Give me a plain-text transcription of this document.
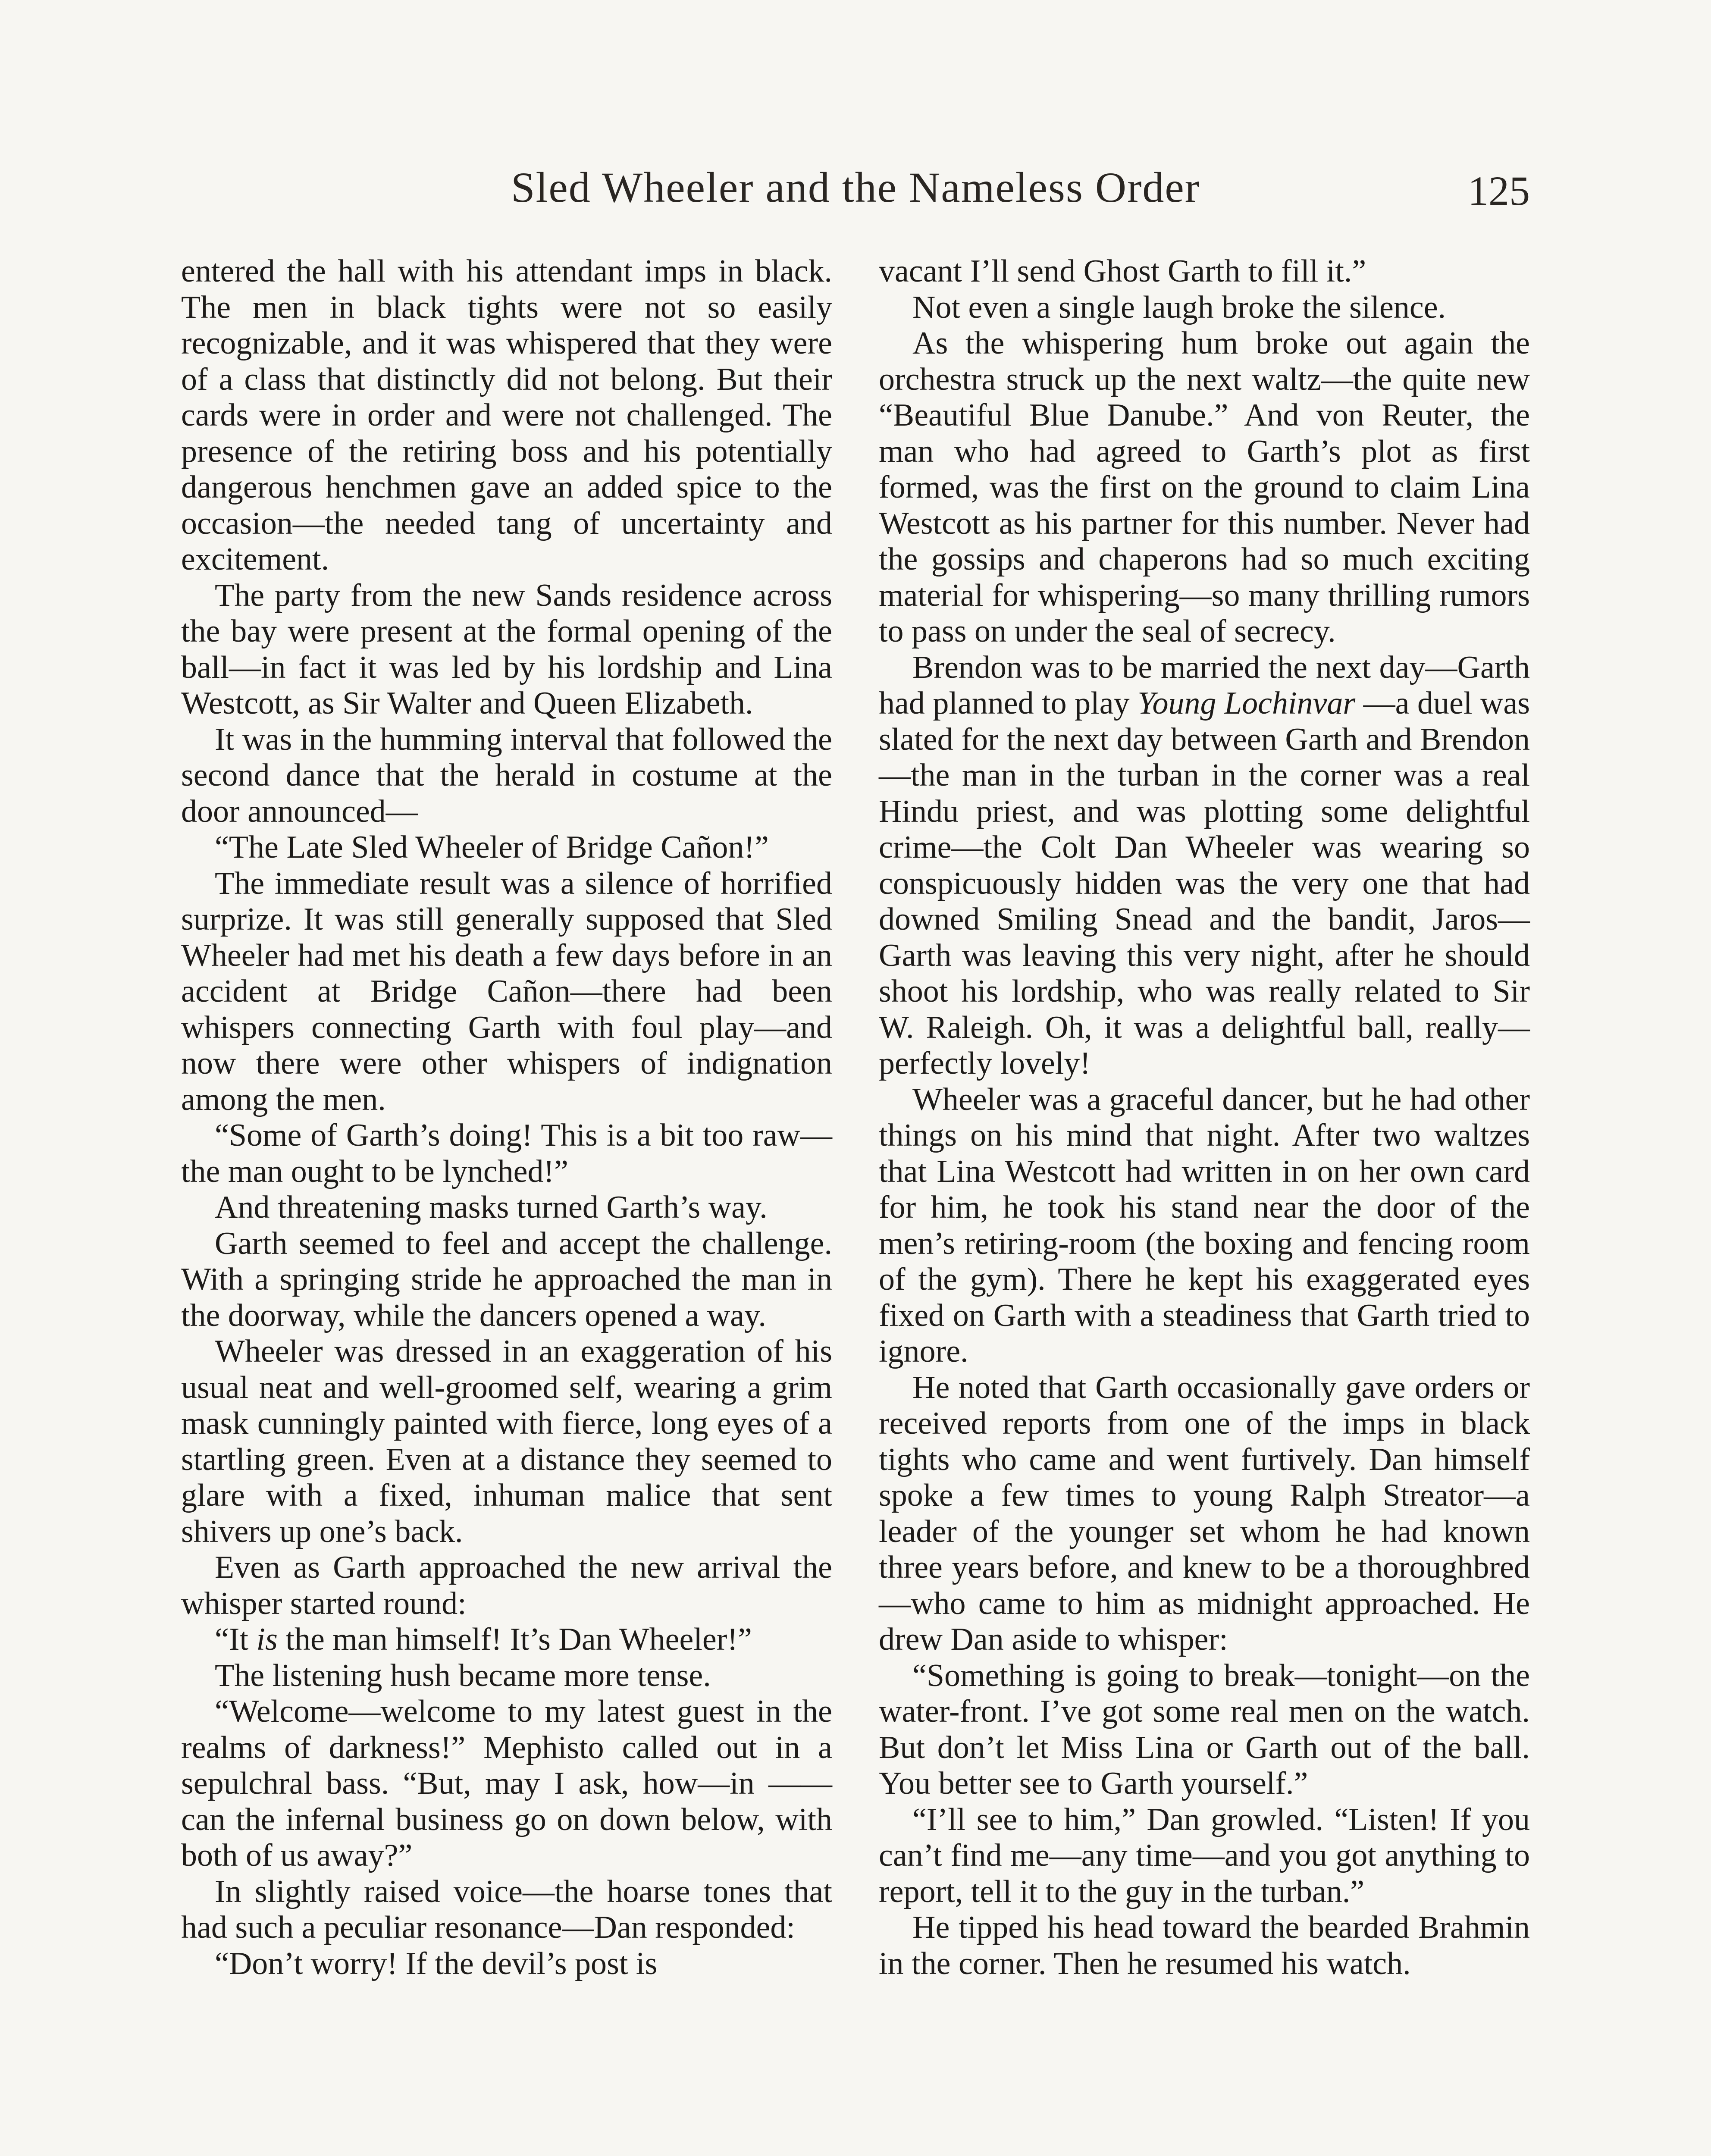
Sled Wheeler and the Nameless Order	125

entered the hall with his attendant imps in black. The men in black tights were not so easily recognizable, and it was whispered that they were of a class that distinctly did not belong. But their cards were in order and were not challenged. The presence of the retiring boss and his potentially dangerous henchmen gave an added spice to the occasion—the needed tang of uncertainty and excitement.

The party from the new Sands residence across the bay were present at the formal opening of the ball—in fact it was led by his lordship and Lina Westcott, as Sir Walter and Queen Elizabeth.

It was in the humming interval that followed the second dance that the herald in costume at the door announced—

“The Late Sled Wheeler of Bridge Cañon!”

The immediate result was a silence of horrified surprize. It was still generally supposed that Sled Wheeler had met his death a few days before in an accident at Bridge Cañon—there had been whispers connecting Garth with foul play—and now there were other whispers of indignation among the men.

“Some of Garth’s doing! This is a bit too raw—the man ought to be lynched!”

And threatening masks turned Garth’s way.

Garth seemed to feel and accept the challenge. With a springing stride he approached the man in the doorway, while the dancers opened a way.

Wheeler was dressed in an exaggeration of his usual neat and well-groomed self, wearing a grim mask cunningly painted with fierce, long eyes of a startling green. Even at a distance they seemed to glare with a fixed, inhuman malice that sent shivers up one’s back.

Even as Garth approached the new arrival the whisper started round:

“It is the man himself! It’s Dan Wheeler!”

The listening hush became more tense.

“Welcome—welcome to my latest guest in the realms of darkness!” Mephisto called out in a sepulchral bass. “But, may I ask, how—in —— can the infernal business go on down below, with both of us away?”

In slightly raised voice—the hoarse tones that had such a peculiar resonance—Dan responded:

“Don’t worry! If the devil’s post is

vacant I’ll send Ghost Garth to fill it.”

Not even a single laugh broke the silence.

As the whispering hum broke out again the orchestra struck up the next waltz—the quite new “Beautiful Blue Danube.” And von Reuter, the man who had agreed to Garth’s plot as first formed, was the first on the ground to claim Lina Westcott as his partner for this number. Never had the gossips and chaperons had so much exciting material for whispering—so many thrilling rumors to pass on under the seal of secrecy.

Brendon was to be married the next day—Garth had planned to play Young Lochinvar —a duel was slated for the next day between Garth and Brendon—the man in the turban in the corner was a real Hindu priest, and was plotting some delightful crime—the Colt Dan Wheeler was wearing so conspicuously hidden was the very one that had downed Smiling Snead and the bandit, Jaros—Garth was leaving this very night, after he should shoot his lordship, who was really related to Sir W. Raleigh. Oh, it was a delightful ball, really—perfectly lovely!

Wheeler was a graceful dancer, but he had other things on his mind that night. After two waltzes that Lina Westcott had written in on her own card for him, he took his stand near the door of the men’s retiring-room (the boxing and fencing room of the gym). There he kept his exaggerated eyes fixed on Garth with a steadiness that Garth tried to ignore.

He noted that Garth occasionally gave orders or received reports from one of the imps in black tights who came and went furtively. Dan himself spoke a few times to young Ralph Streator—a leader of the younger set whom he had known three years before, and knew to be a thoroughbred—who came to him as midnight approached. He drew Dan aside to whisper:

“Something is going to break—tonight—on the water-front. I’ve got some real men on the watch. But don’t let Miss Lina or Garth out of the ball. You better see to Garth yourself.”

“I’ll see to him,” Dan growled. “Listen! If you can’t find me—any time—and you got anything to report, tell it to the guy in the turban.”

He tipped his head toward the bearded Brahmin in the corner. Then he resumed his watch.
